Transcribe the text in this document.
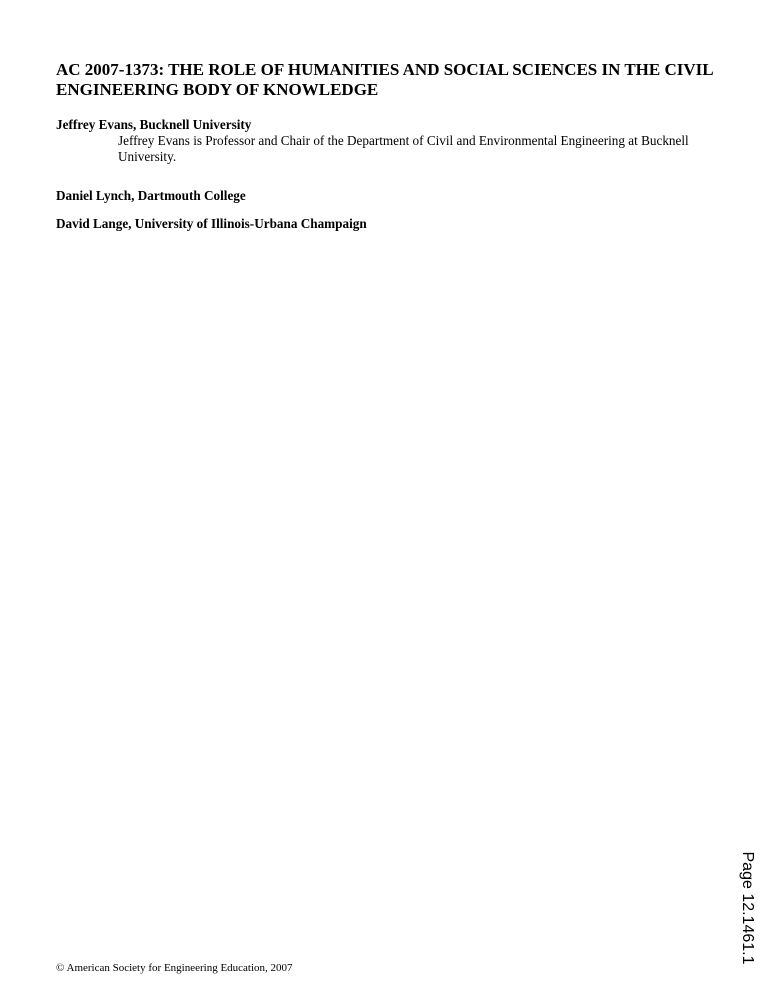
AC 2007-1373: THE ROLE OF HUMANITIES AND SOCIAL SCIENCES IN THE CIVIL ENGINEERING BODY OF KNOWLEDGE

Jeffrey Evans, Bucknell University

Jeffrey Evans is Professor and Chair of the Department of Civil and Environmental Engineering at Bucknell University.

Daniel Lynch, Dartmouth College

David Lange, University of Illinois-Urbana Champaign

© American Society for Engineering Education, 2007

Page 12.1461.1
